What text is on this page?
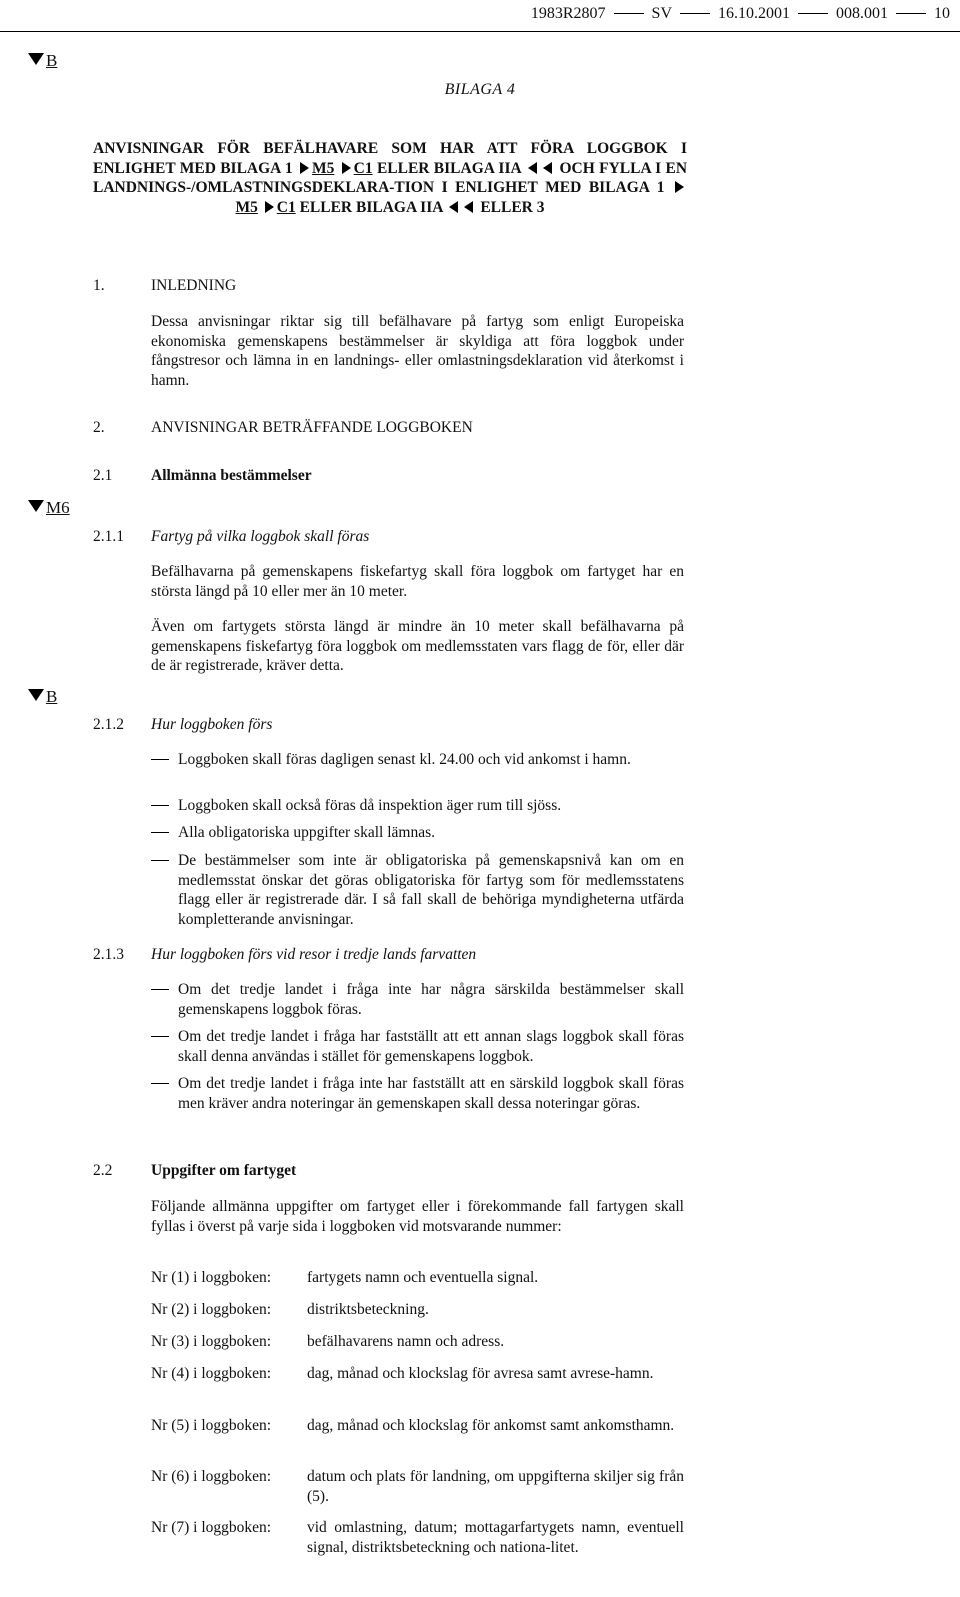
1983R2807	SV	16.10.2001	008.001	10
B
M6
B
BILAGA 4
ANVISNINGAR FÖR BEFÄLHAVARE SOM HAR ATT FÖRA LOGGBOK I ENLIGHET MED BILAGA 1 M5 C1 ELLER BILAGA IIA OCH FYLLA I EN LANDNINGS-/OMLASTNINGSDEKLARA-TION I ENLIGHET MED BILAGA 1 M5 C1 ELLER BILAGA IIA ELLER 3
1.	INLEDNING
Dessa anvisningar riktar sig till befälhavare på fartyg som enligt Europeiska ekonomiska gemenskapens bestämmelser är skyldiga att föra loggbok under fångstresor och lämna in en landnings- eller omlastningsdeklaration vid återkomst i hamn.
2.	ANVISNINGAR BETRÄFFANDE LOGGBOKEN
2.1 Allmänna bestämmelser
2.1.1 Fartyg på vilka loggbok skall föras
Befälhavarna på gemenskapens fiskefartyg skall föra loggbok om fartyget har en största längd på 10 eller mer än 10 meter.
Även om fartygets största längd är mindre än 10 meter skall befälhavarna på gemenskapens fiskefartyg föra loggbok om medlemsstaten vars flagg de för, eller där de är registrerade, kräver detta.
2.1.2 Hur loggboken förs
Loggboken skall föras dagligen senast kl. 24.00 och vid ankomst i hamn.
Loggboken skall också föras då inspektion äger rum till sjöss.
Alla obligatoriska uppgifter skall lämnas.
De bestämmelser som inte är obligatoriska på gemenskapsnivå kan om en medlemsstat önskar det göras obligatoriska för fartyg som för medlemsstatens flagg eller är registrerade där. I så fall skall de behöriga myndigheterna utfärda kompletterande anvisningar.
2.1.3 Hur loggboken förs vid resor i tredje lands farvatten
Om det tredje landet i fråga inte har några särskilda bestämmelser skall gemenskapens loggbok föras.
Om det tredje landet i fråga har fastställt att ett annan slags loggbok skall föras skall denna användas i stället för gemenskapens loggbok.
Om det tredje landet i fråga inte har fastställt att en särskild loggbok skall föras men kräver andra noteringar än gemenskapen skall dessa noteringar göras.
2.2 Uppgifter om fartyget
Följande allmänna uppgifter om fartyget eller i förekommande fall fartygen skall fyllas i överst på varje sida i loggboken vid motsvarande nummer:
Nr (1) i loggboken: fartygets namn och eventuella signal.
Nr (2) i loggboken: distriktsbeteckning.
Nr (3) i loggboken: befälhavarens namn och adress.
Nr (4) i loggboken: dag, månad och klockslag för avresa samt avrese-hamn.
Nr (5) i loggboken: dag, månad och klockslag för ankomst samt ankomsthamn.
Nr (6) i loggboken: datum och plats för landning, om uppgifterna skiljer sig från (5).
Nr (7) i loggboken: vid omlastning, datum; mottagarfartygets namn, eventuell signal, distriktsbeteckning och nationa-litet.
